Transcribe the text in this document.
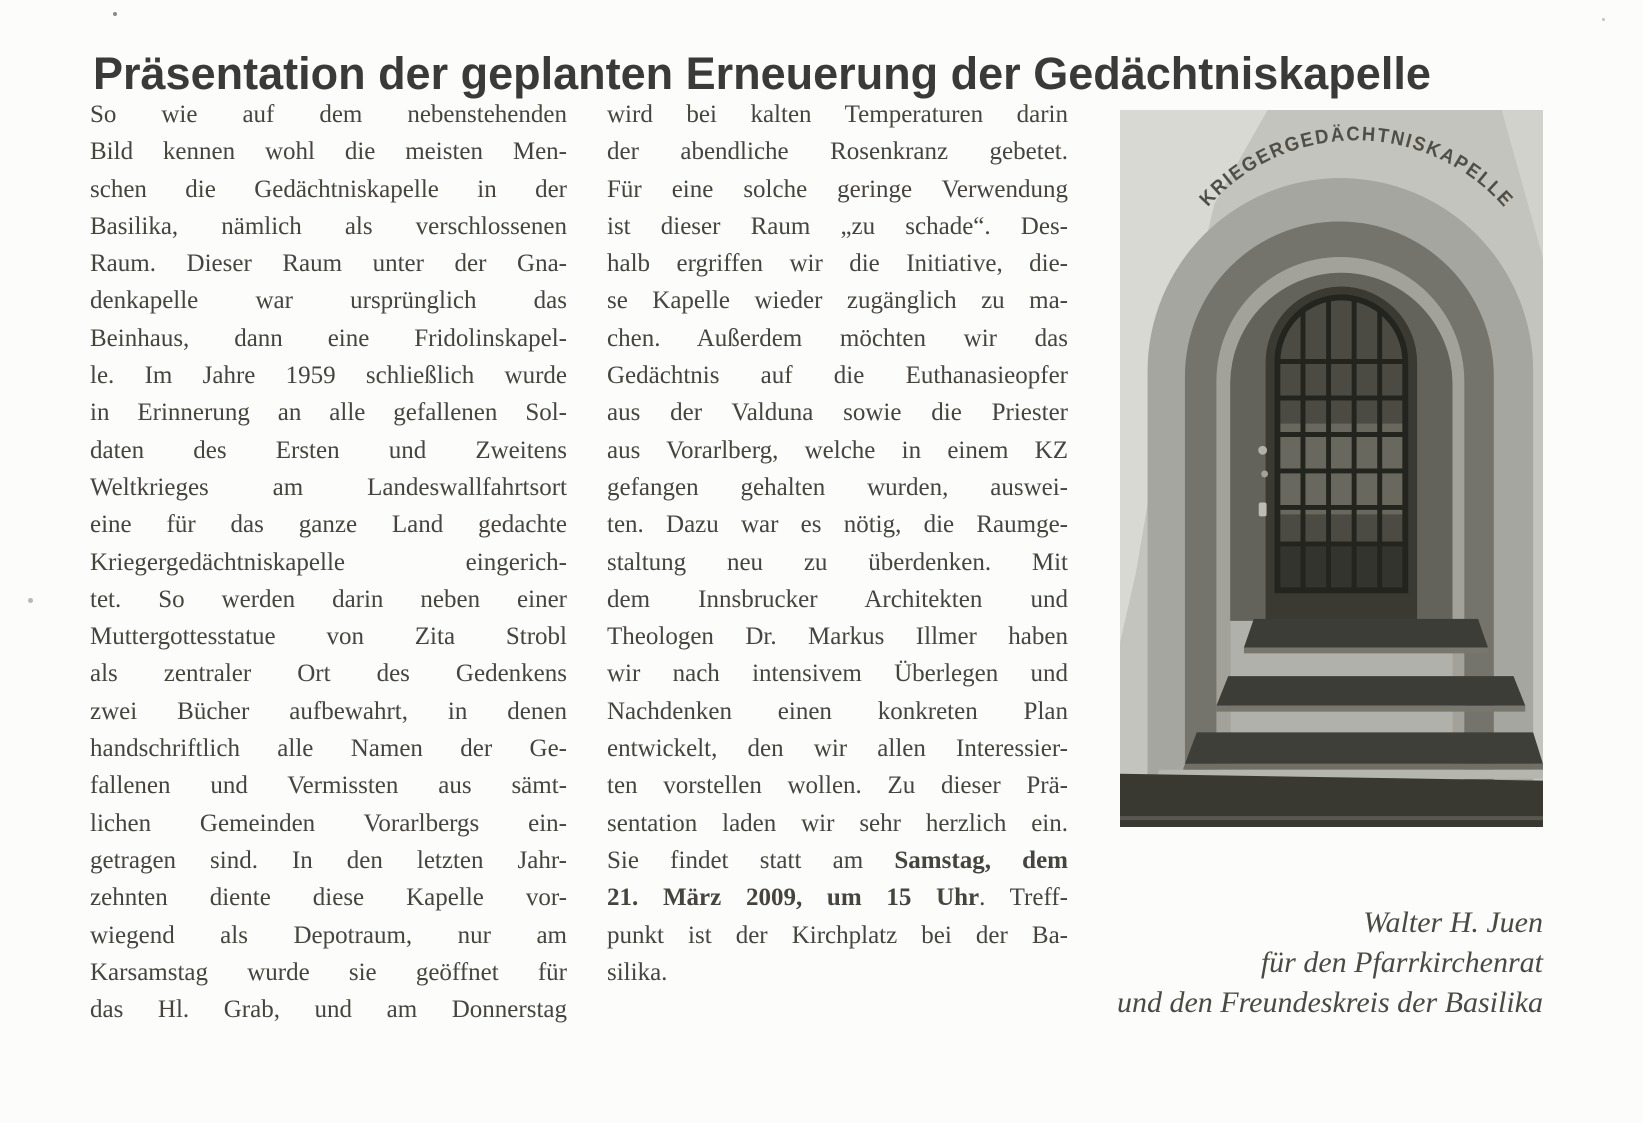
Präsentation der geplanten Erneuerung der Gedächtniskapelle
So wie auf dem nebenstehenden
Bild kennen wohl die meisten Men-
schen die Gedächtniskapelle in der
Basilika, nämlich als verschlossenen
Raum. Dieser Raum unter der Gna-
denkapelle war ursprünglich das
Beinhaus, dann eine Fridolinskapel-
le. Im Jahre 1959 schließlich wurde
in Erinnerung an alle gefallenen Sol-
daten des Ersten und Zweitens
Weltkrieges am Landeswallfahrtsort
eine für das ganze Land gedachte
Kriegergedächtniskapelle eingerich-
tet. So werden darin neben einer
Muttergottesstatue von Zita Strobl
als zentraler Ort des Gedenkens
zwei Bücher aufbewahrt, in denen
handschriftlich alle Namen der Ge-
fallenen und Vermissten aus sämt-
lichen Gemeinden Vorarlbergs ein-
getragen sind. In den letzten Jahr-
zehnten diente diese Kapelle vor-
wiegend als Depotraum, nur am
Karsamstag wurde sie geöffnet für
das Hl. Grab, und am Donnerstag
wird bei kalten Temperaturen darin
der abendliche Rosenkranz gebetet.
Für eine solche geringe Verwendung
ist dieser Raum „zu schade“. Des-
halb ergriffen wir die Initiative, die-
se Kapelle wieder zugänglich zu ma-
chen. Außerdem möchten wir das
Gedächtnis auf die Euthanasieopfer
aus der Valduna sowie die Priester
aus Vorarlberg, welche in einem KZ
gefangen gehalten wurden, auswei-
ten. Dazu war es nötig, die Raumge-
staltung neu zu überdenken. Mit
dem Innsbrucker Architekten und
Theologen Dr. Markus Illmer haben
wir nach intensivem Überlegen und
Nachdenken einen konkreten Plan
entwickelt, den wir allen Interessier-
ten vorstellen wollen. Zu dieser Prä-
sentation laden wir sehr herzlich ein.
Sie findet statt am Samstag, dem
21. März 2009, um 15 Uhr. Treff-
punkt ist der Kirchplatz bei der Ba-
silika.
KRIEGERGEDÄCHTNISKAPELLE
Walter H. Juen
für den Pfarrkirchenrat
und den Freundeskreis der Basilika
